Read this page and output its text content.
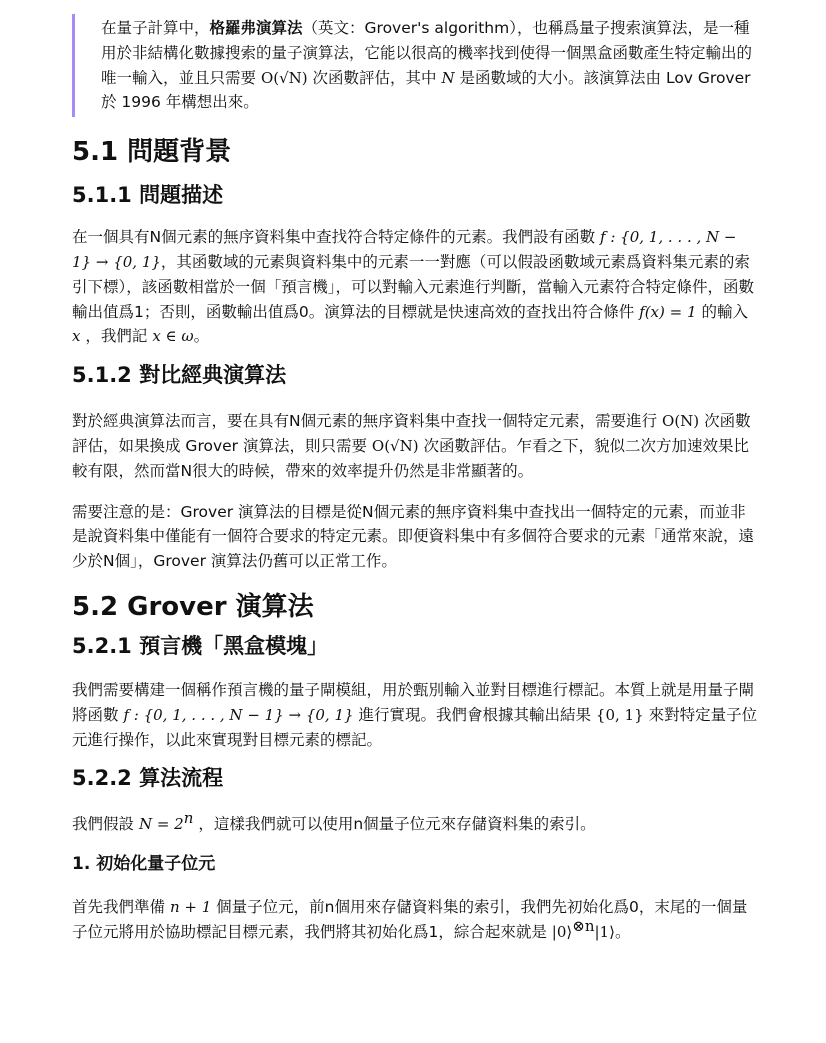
在量子計算中，格羅弗演算法（英文：Grover's algorithm），也稱爲量子搜索演算法，是一種用於非結構化數據搜索的量子演算法，它能以很高的機率找到使得一個黑盒函數產生特定輸出的唯一輸入，並且只需要 O(√N) 次函數評估，其中 N 是函數域的大小。該演算法由 Lov Grover 於 1996 年構想出來。
5.1 問題背景
5.1.1 問題描述

在一個具有N個元素的無序資料集中查找符合特定條件的元素。我們設有函數 f : {0, 1, . . . , N − 1} → {0, 1}，其函數域的元素與資料集中的元素一一對應（可以假設函數域元素爲資料集元素的索引下標），該函數相當於一個「預言機」，可以對輸入元素進行判斷，當輸入元素符合特定條件，函數輸出值爲1；否則，函數輸出值爲0。演算法的目標就是快速高效的查找出符合條件 f(x) = 1 的輸入 x ，我們記 x ∈ ω。

5.1.2 對比經典演算法

對於經典演算法而言，要在具有N個元素的無序資料集中查找一個特定元素，需要進行 O(N) 次函數評估，如果換成 Grover 演算法，則只需要 O(√N) 次函數評估。乍看之下，貌似二次方加速效果比較有限，然而當N很大的時候，帶來的效率提升仍然是非常顯著的。

需要注意的是：Grover 演算法的目標是從N個元素的無序資料集中查找出一個特定的元素，而並非是說資料集中僅能有一個符合要求的特定元素。即便資料集中有多個符合要求的元素「通常來說，遠少於N個」，Grover 演算法仍舊可以正常工作。

5.2 Grover 演算法
5.2.1 預言機「黑盒模塊」

我們需要構建一個稱作預言機的量子閘模組，用於甄別輸入並對目標進行標記。本質上就是用量子閘將函數 f : {0, 1, . . . , N − 1} → {0, 1} 進行實現。我們會根據其輸出結果 {0, 1} 來對特定量子位元進行操作，以此來實現對目標元素的標記。

5.2.2 算法流程

我們假設 $N = 2^n$ ，這樣我們就可以使用n個量子位元來存儲資料集的索引。

1. 初始化量子位元

首先我們準備 n + 1 個量子位元，前n個用來存儲資料集的索引，我們先初始化爲0，末尾的一個量子位元將用於協助標記目標元素，我們將其初始化爲1，綜合起來就是 |0⟩$^{\otimes n}$|1⟩。
